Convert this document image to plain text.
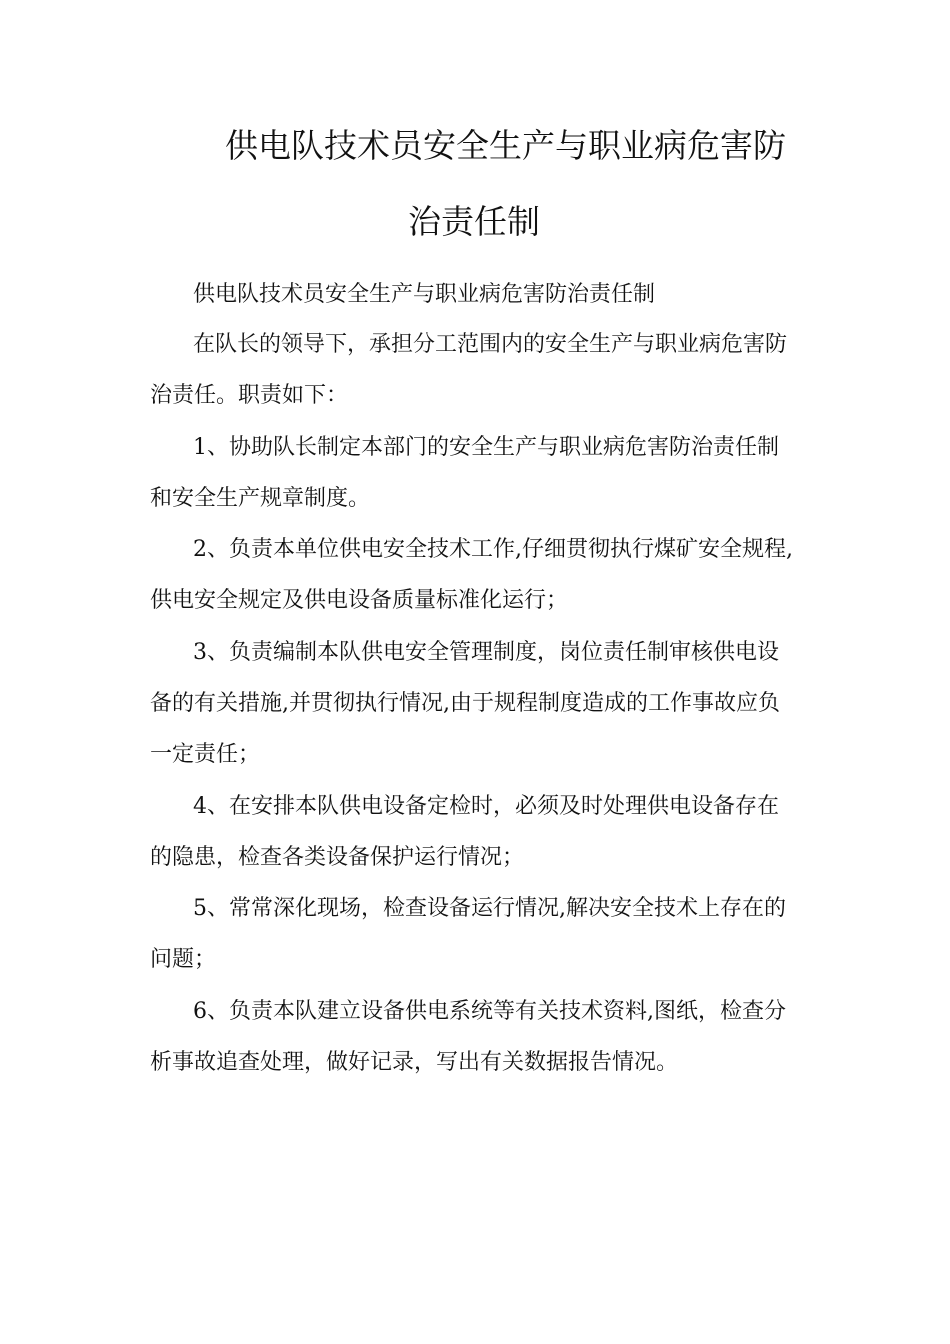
供电队技术员安全生产与职业病危害防
治责任制
供电队技术员安全生产与职业病危害防治责任制
在队长的领导下，承担分工范围内的安全生产与职业病危害防
治责任。职责如下：
1、协助队长制定本部门的安全生产与职业病危害防治责任制
和安全生产规章制度。
2、负责本单位供电安全技术工作,仔细贯彻执行煤矿安全规程,
供电安全规定及供电设备质量标准化运行；
3、负责编制本队供电安全管理制度，岗位责任制审核供电设
备的有关措施,并贯彻执行情况,由于规程制度造成的工作事故应负
一定责任；
4、在安排本队供电设备定检时，必须及时处理供电设备存在
的隐患，检查各类设备保护运行情况；
5、常常深化现场，检查设备运行情况,解决安全技术上存在的
问题；
6、负责本队建立设备供电系统等有关技术资料,图纸，检查分
析事故追查处理，做好记录，写出有关数据报告情况。
